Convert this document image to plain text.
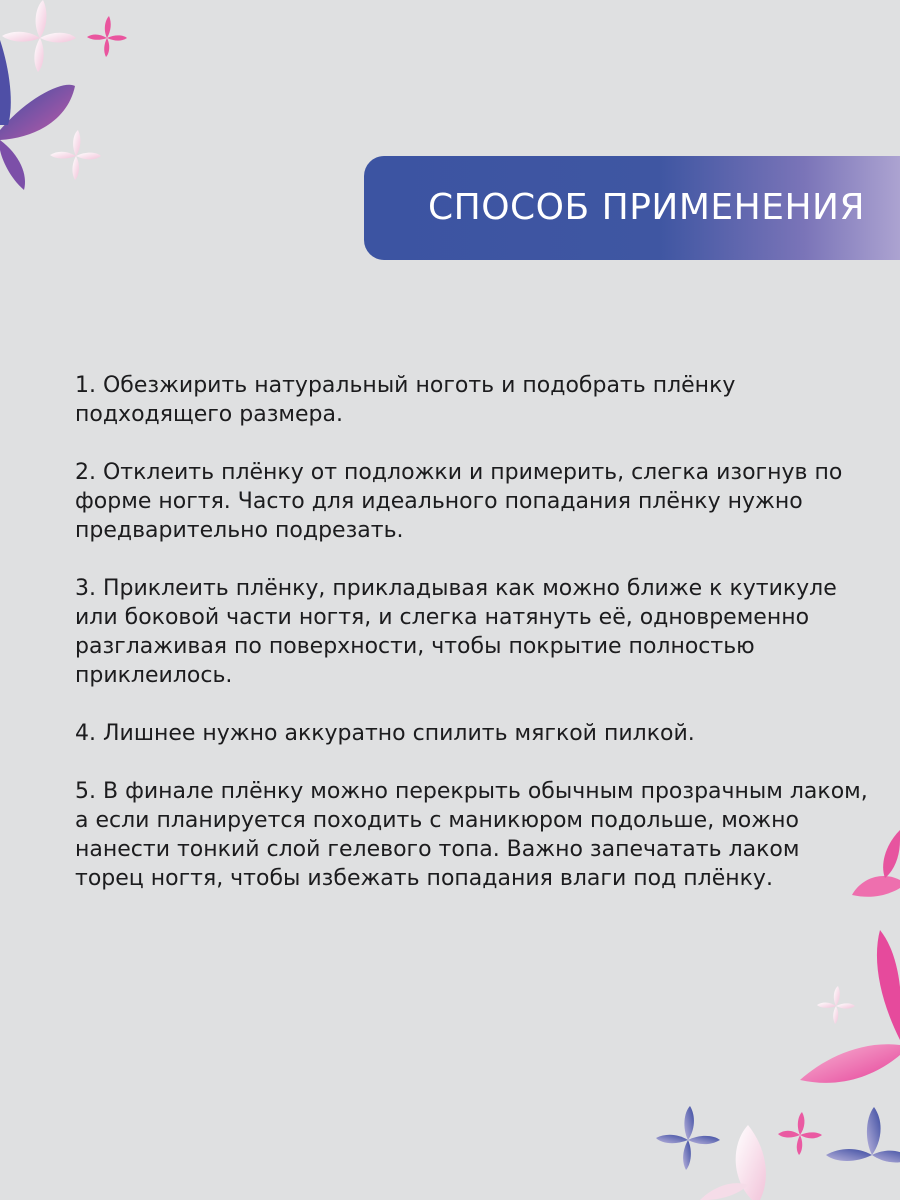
СПОСОБ ПРИМЕНЕНИЯ

1. Обезжирить натуральный ноготь и подобрать плёнку подходящего размера.

2. Отклеить плёнку от подложки и примерить, слегка изогнув по форме ногтя. Часто для идеального попадания плёнку нужно предварительно подрезать.

3. Приклеить плёнку, прикладывая как можно ближе к кутикуле или боковой части ногтя, и слегка натянуть её, одновременно разглаживая по поверхности, чтобы покрытие полностью приклеилось.

4. Лишнее нужно аккуратно спилить мягкой пилкой.

5. В финале плёнку можно перекрыть обычным прозрачным лаком, а если планируется походить с маникюром подольше, можно нанести тонкий слой гелевого топа. Важно запечатать лаком торец ногтя, чтобы избежать попадания влаги под плёнку.
